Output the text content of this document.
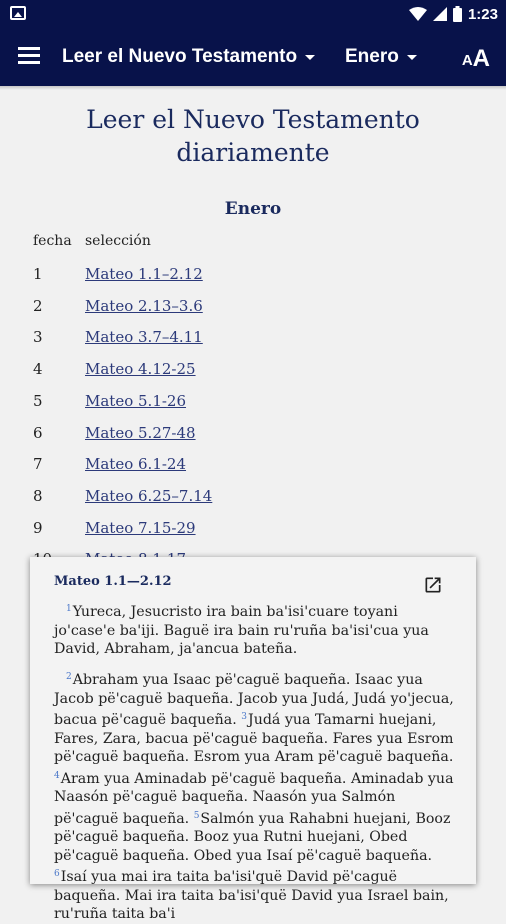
1:23
Leer el Nuevo Testamento	Enero	A A
Leer el Nuevo Testamento
diariamente
Enero
fecha selección
1	Mateo 1.1–2.12
2	Mateo 2.13–3.6
3	Mateo 3.7–4.11
4	Mateo 4.12-25
5	Mateo 5.1-26
6	Mateo 5.27-48
7	Mateo 6.1-24
8	Mateo 6.25–7.14
9	Mateo 7.15-29
Mateo 1.1—2.12
$^1$Yureca, Jesucristo ira bain ba'isi'cuare toyani jo'case'e ba'iji. Baguë ira bain ru'ruña ba'isi'cua yua David, Abraham, ja'ancua bateña.
$^2$Abraham yua Isaac pë'caguë baqueña. Isaac yua Jacob pë'caguë baqueña. Jacob yua Judá, Judá yo'jecua, bacua pë'caguë baqueña. $^3$Judá yua Tamarni huejani, Fares, Zara, bacua pë'caguë baqueña. Fares yua Esrom pë'caguë baqueña. Esrom yua Aram pë'caguë baqueña. $^4$Aram yua Aminadab pë'caguë baqueña. Aminadab yua Naasón pë'caguë baqueña. Naasón yua Salmón pë'caguë baqueña. $^5$Salmón yua Rahabni huejani, Booz pë'caguë baqueña. Booz yua Rutni huejani, Obed pë'caguë baqueña. Obed yua Isaí pë'caguë baqueña. $^6$Isaí yua mai ira taita ba'isi'quë David pë'caguë baqueña. Mai ira taita ba'isi'quë David yua Israel bain, ru'ruña taita ba'i
